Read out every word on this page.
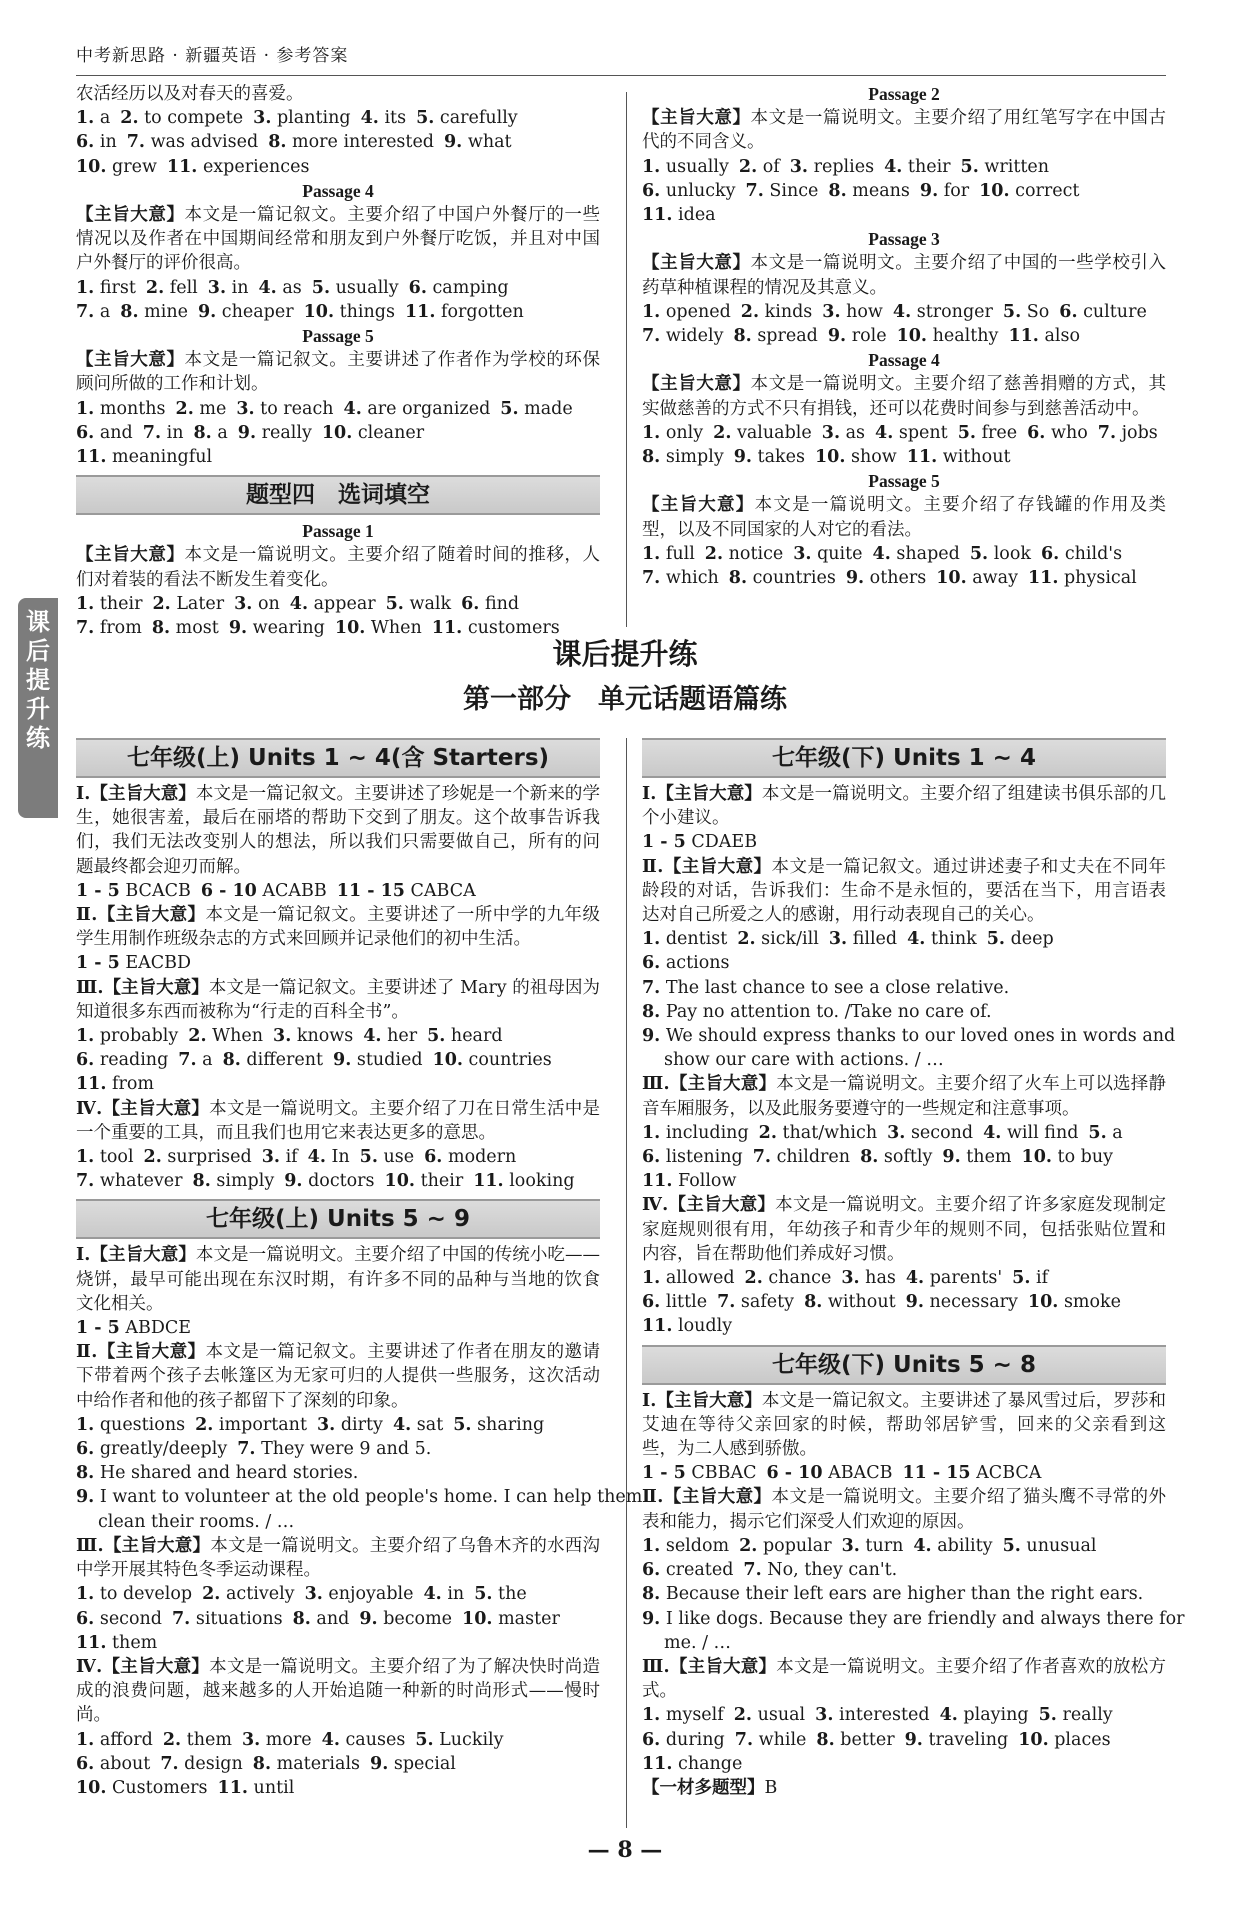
中考新思路 · 新疆英语 · 参考答案
课后提升练
农活经历以及对春天的喜爱。
1. a 2. to compete 3. planting 4. its 5. carefully
6. in 7. was advised 8. more interested 9. what
10. grew 11. experiences
Passage 4
【主旨大意】本文是一篇记叙文。主要介绍了中国户外餐厅的一些情况以及作者在中国期间经常和朋友到户外餐厅吃饭，并且对中国户外餐厅的评价很高。
1. first 2. fell 3. in 4. as 5. usually 6. camping
7. a 8. mine 9. cheaper 10. things 11. forgotten
Passage 5
【主旨大意】本文是一篇记叙文。主要讲述了作者作为学校的环保顾问所做的工作和计划。
1. months 2. me 3. to reach 4. are organized 5. made
6. and 7. in 8. a 9. really 10. cleaner
11. meaningful
题型四　选词填空
Passage 1
【主旨大意】本文是一篇说明文。主要介绍了随着时间的推移，人们对着装的看法不断发生着变化。
1. their 2. Later 3. on 4. appear 5. walk 6. find
7. from 8. most 9. wearing 10. When 11. customers
Passage 2
【主旨大意】本文是一篇说明文。主要介绍了用红笔写字在中国古代的不同含义。
1. usually 2. of 3. replies 4. their 5. written
6. unlucky 7. Since 8. means 9. for 10. correct
11. idea
Passage 3
【主旨大意】本文是一篇说明文。主要介绍了中国的一些学校引入药草种植课程的情况及其意义。
1. opened 2. kinds 3. how 4. stronger 5. So 6. culture
7. widely 8. spread 9. role 10. healthy 11. also
Passage 4
【主旨大意】本文是一篇说明文。主要介绍了慈善捐赠的方式，其实做慈善的方式不只有捐钱，还可以花费时间参与到慈善活动中。
1. only 2. valuable 3. as 4. spent 5. free 6. who 7. jobs
8. simply 9. takes 10. show 11. without
Passage 5
【主旨大意】本文是一篇说明文。主要介绍了存钱罐的作用及类型，以及不同国家的人对它的看法。
1. full 2. notice 3. quite 4. shaped 5. look 6. child's
7. which 8. countries 9. others 10. away 11. physical
课后提升练
第一部分　单元话题语篇练
七年级(上) Units 1 ~ 4(含 Starters)
Ⅰ.【主旨大意】本文是一篇记叙文。主要讲述了珍妮是一个新来的学生，她很害羞，最后在丽塔的帮助下交到了朋友。这个故事告诉我们，我们无法改变别人的想法，所以我们只需要做自己，所有的问题最终都会迎刃而解。
1 - 5 BCACB 6 - 10 ACABB 11 - 15 CABCA
Ⅱ.【主旨大意】本文是一篇记叙文。主要讲述了一所中学的九年级学生用制作班级杂志的方式来回顾并记录他们的初中生活。
1 - 5 EACBD
Ⅲ.【主旨大意】本文是一篇记叙文。主要讲述了 Mary 的祖母因为知道很多东西而被称为“行走的百科全书”。
1. probably 2. When 3. knows 4. her 5. heard
6. reading 7. a 8. different 9. studied 10. countries
11. from
Ⅳ.【主旨大意】本文是一篇说明文。主要介绍了刀在日常生活中是一个重要的工具，而且我们也用它来表达更多的意思。
1. tool 2. surprised 3. if 4. In 5. use 6. modern
7. whatever 8. simply 9. doctors 10. their 11. looking
七年级(上) Units 5 ~ 9
Ⅰ.【主旨大意】本文是一篇说明文。主要介绍了中国的传统小吃——烧饼，最早可能出现在东汉时期，有许多不同的品种与当地的饮食文化相关。
1 - 5 ABDCE
Ⅱ.【主旨大意】本文是一篇记叙文。主要讲述了作者在朋友的邀请下带着两个孩子去帐篷区为无家可归的人提供一些服务，这次活动中给作者和他的孩子都留下了深刻的印象。
1. questions 2. important 3. dirty 4. sat 5. sharing
6. greatly/deeply 7. They were 9 and 5.
8. He shared and heard stories.
9. I want to volunteer at the old people's home. I can help them
clean their rooms. / …
Ⅲ.【主旨大意】本文是一篇说明文。主要介绍了乌鲁木齐的水西沟中学开展其特色冬季运动课程。
1. to develop 2. actively 3. enjoyable 4. in 5. the
6. second 7. situations 8. and 9. become 10. master
11. them
Ⅳ.【主旨大意】本文是一篇说明文。主要介绍了为了解决快时尚造成的浪费问题，越来越多的人开始追随一种新的时尚形式——慢时尚。
1. afford 2. them 3. more 4. causes 5. Luckily
6. about 7. design 8. materials 9. special
10. Customers 11. until
七年级(下) Units 1 ~ 4
Ⅰ.【主旨大意】本文是一篇说明文。主要介绍了组建读书俱乐部的几个小建议。
1 - 5 CDAEB
Ⅱ.【主旨大意】本文是一篇记叙文。通过讲述妻子和丈夫在不同年龄段的对话，告诉我们：生命不是永恒的，要活在当下，用言语表达对自己所爱之人的感谢，用行动表现自己的关心。
1. dentist 2. sick/ill 3. filled 4. think 5. deep
6. actions
7. The last chance to see a close relative.
8. Pay no attention to. /Take no care of.
9. We should express thanks to our loved ones in words and
show our care with actions. / …
Ⅲ.【主旨大意】本文是一篇说明文。主要介绍了火车上可以选择静音车厢服务，以及此服务要遵守的一些规定和注意事项。
1. including 2. that/which 3. second 4. will find 5. a
6. listening 7. children 8. softly 9. them 10. to buy
11. Follow
Ⅳ.【主旨大意】本文是一篇说明文。主要介绍了许多家庭发现制定家庭规则很有用，年幼孩子和青少年的规则不同，包括张贴位置和内容，旨在帮助他们养成好习惯。
1. allowed 2. chance 3. has 4. parents' 5. if
6. little 7. safety 8. without 9. necessary 10. smoke
11. loudly
七年级(下) Units 5 ~ 8
Ⅰ.【主旨大意】本文是一篇记叙文。主要讲述了暴风雪过后，罗莎和艾迪在等待父亲回家的时候，帮助邻居铲雪，回来的父亲看到这些，为二人感到骄傲。
1 - 5 CBBAC 6 - 10 ABACB 11 - 15 ACBCA
Ⅱ.【主旨大意】本文是一篇说明文。主要介绍了猫头鹰不寻常的外表和能力，揭示它们深受人们欢迎的原因。
1. seldom 2. popular 3. turn 4. ability 5. unusual
6. created 7. No, they can't.
8. Because their left ears are higher than the right ears.
9. I like dogs. Because they are friendly and always there for
me. / …
Ⅲ.【主旨大意】本文是一篇说明文。主要介绍了作者喜欢的放松方式。
1. myself 2. usual 3. interested 4. playing 5. really
6. during 7. while 8. better 9. traveling 10. places
11. change
【一材多题型】B
— 8 —
